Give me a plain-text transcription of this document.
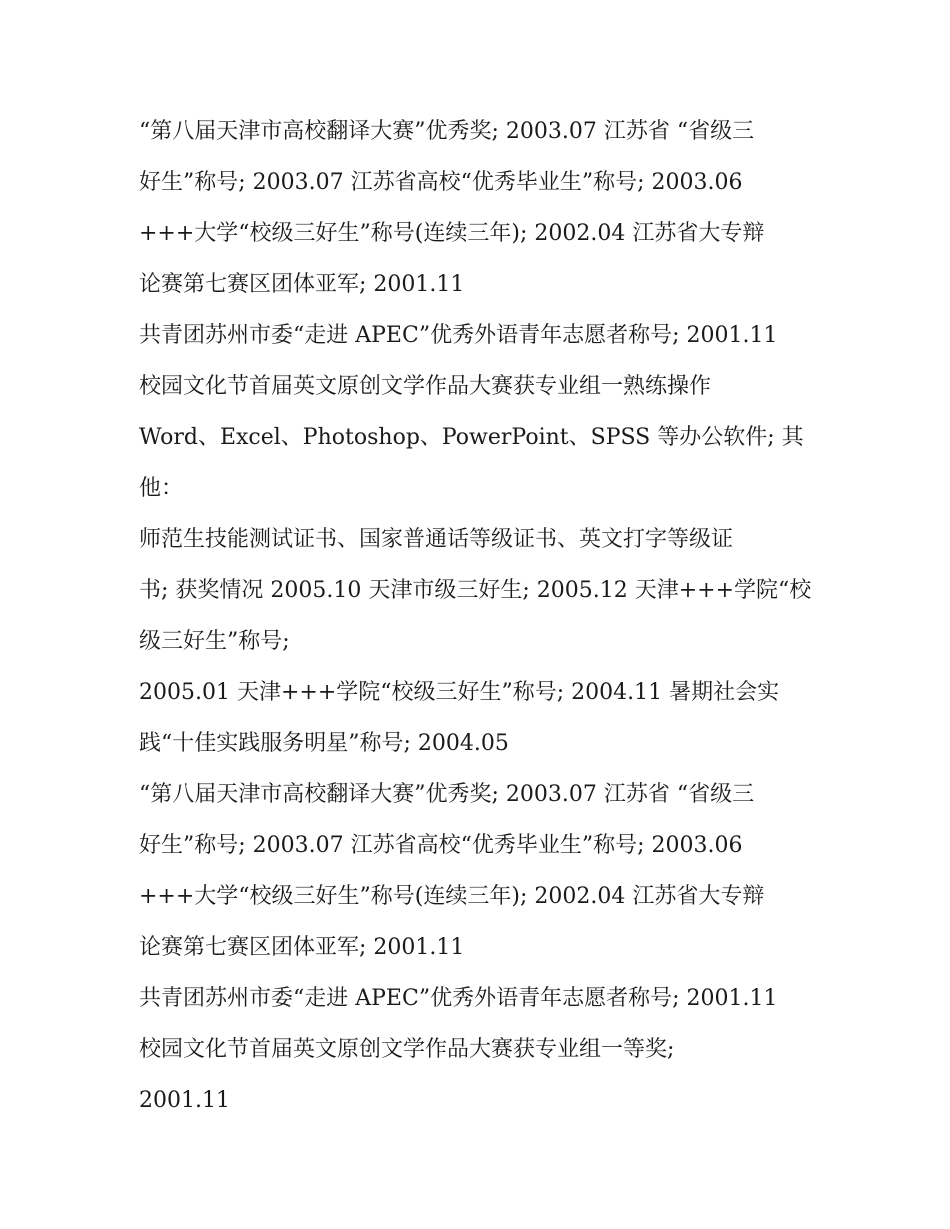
“第八届天津市高校翻译大赛”优秀奖; 2003.07 江苏省 “省级三
好生”称号; 2003.07 江苏省高校“优秀毕业生”称号; 2003.06
+++大学“校级三好生”称号(连续三年); 2002.04 江苏省大专辩
论赛第七赛区团体亚军; 2001.11
共青团苏州市委“走进 APEC”优秀外语青年志愿者称号; 2001.11
校园文化节首届英文原创文学作品大赛获专业组一熟练操作
Word、Excel、Photoshop、PowerPoint、SPSS 等办公软件; 其
他：
师范生技能测试证书、国家普通话等级证书、英文打字等级证
书; 获奖情况 2005.10 天津市级三好生; 2005.12 天津+++学院“校
级三好生”称号;
2005.01 天津+++学院“校级三好生”称号; 2004.11 暑期社会实
践“十佳实践服务明星”称号; 2004.05
“第八届天津市高校翻译大赛”优秀奖; 2003.07 江苏省 “省级三
好生”称号; 2003.07 江苏省高校“优秀毕业生”称号; 2003.06
+++大学“校级三好生”称号(连续三年); 2002.04 江苏省大专辩
论赛第七赛区团体亚军; 2001.11
共青团苏州市委“走进 APEC”优秀外语青年志愿者称号; 2001.11
校园文化节首届英文原创文学作品大赛获专业组一等奖;
2001.11
